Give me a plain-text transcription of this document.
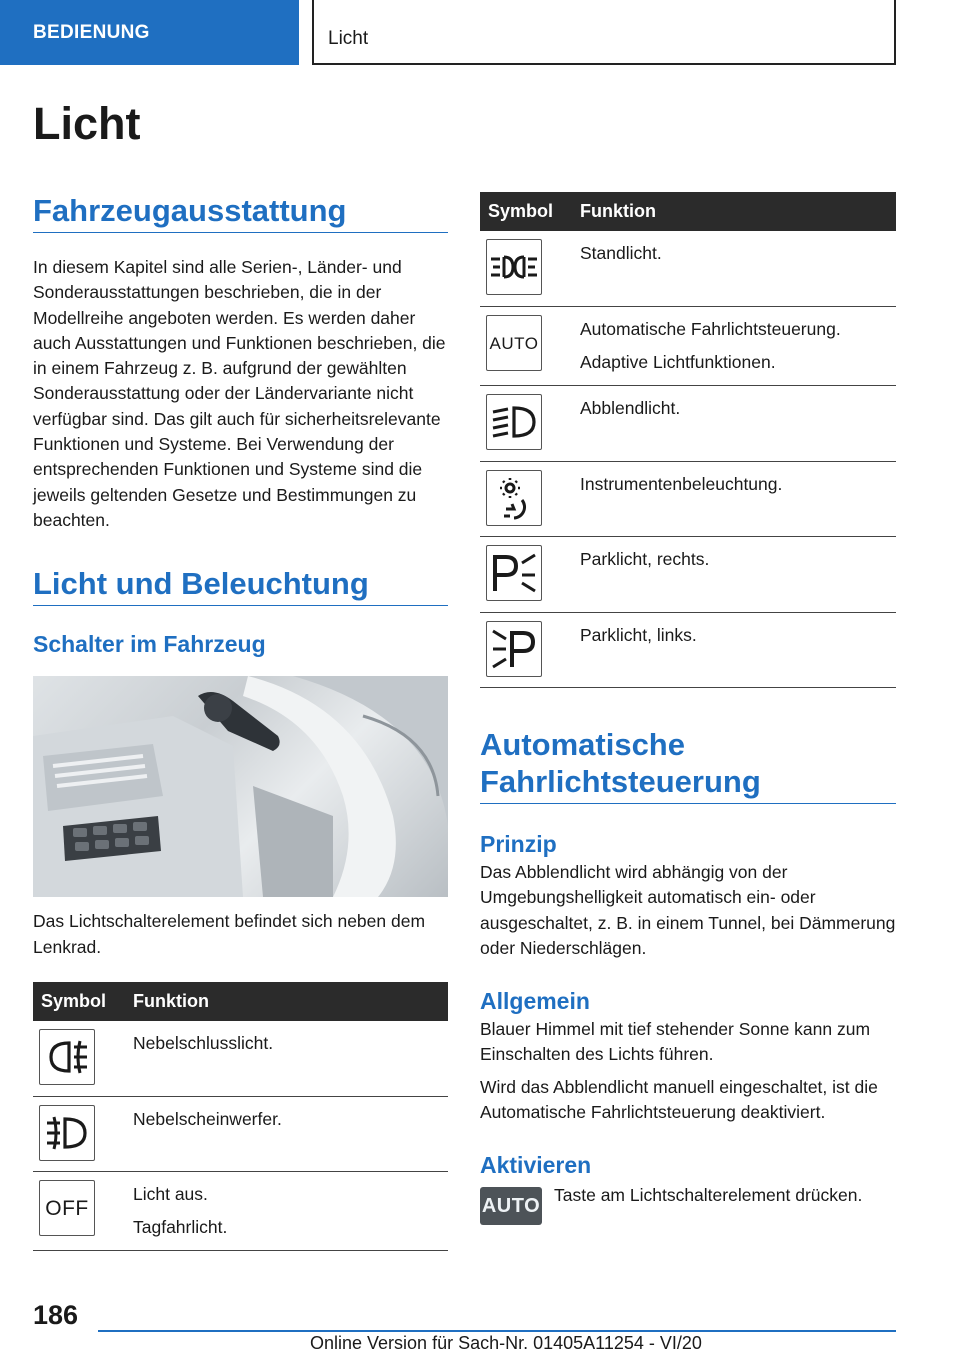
BEDIENUNG	Licht
Licht
Fahrzeugausstattung

In diesem Kapitel sind alle Serien-, Länder- und Sonderausstattungen beschrieben, die in der Modellreihe angeboten werden. Es werden daher auch Ausstattungen und Funktionen beschrieben, die in einem Fahrzeug z. B. aufgrund der gewählten Sonderausstattung oder der Ländervariante nicht verfügbar sind. Das gilt auch für sicherheitsrelevante Funktionen und Systeme. Bei Verwendung der entsprechenden Funktionen und Systeme sind die jeweils geltenden Gesetze und Bestimmungen zu beachten.

Licht und Beleuchtung
Schalter im Fahrzeug

Das Lichtschalterelement befindet sich neben dem Lenkrad.

Symbol	Funktion

Nebelschlusslicht.

Nebelscheinwerfer.

OFF	Licht aus.

Tagfahrlicht.

Symbol	Funktion

Standlicht.

AUTO	Automatische Fahrlichtsteuerung.

Adaptive Lichtfunktionen.

Abblendlicht.

Instrumentenbeleuchtung.

Parklicht, rechts.

Parklicht, links.

Automatische
Fahrlichtsteuerung
Prinzip

Das Abblendlicht wird abhängig von der Umgebungshelligkeit automatisch ein- oder ausgeschaltet, z. B. in einem Tunnel, bei Dämmerung oder Niederschlägen.

Allgemein

Blauer Himmel mit tief stehender Sonne kann zum Einschalten des Lichts führen.

Wird das Abblendlicht manuell eingeschaltet, ist die Automatische Fahrlichtsteuerung deaktiviert.

Aktivieren
AUTO Taste am Lichtschalterelement drücken.

186
Online Version für Sach-Nr. 01405A11254 - VI/20
